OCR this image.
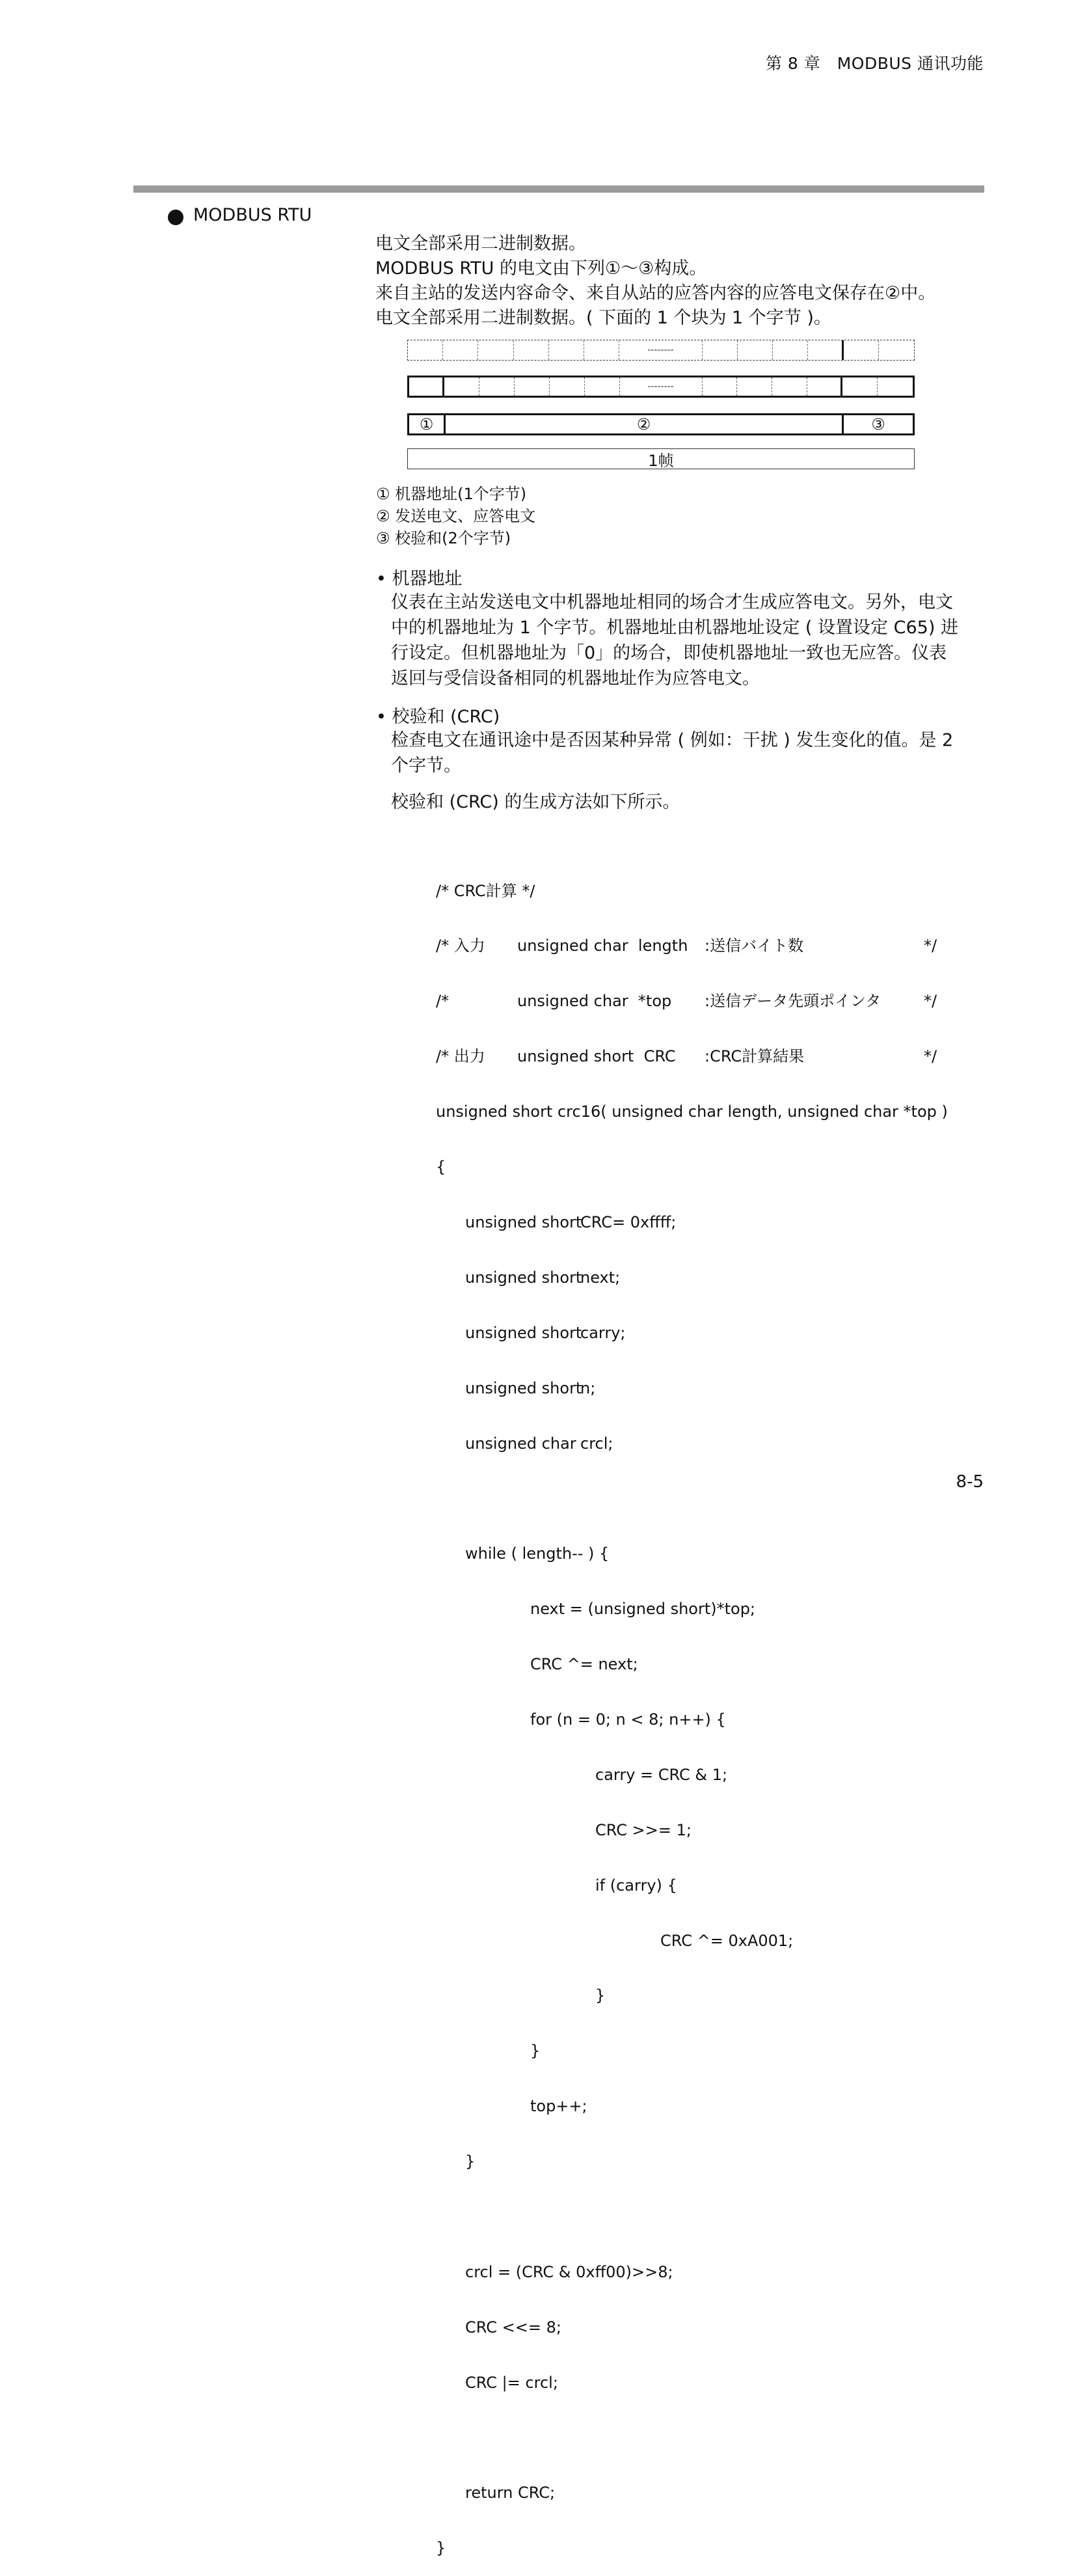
第 8 章　MODBUS 通讯功能
MODBUS RTU
电文全部采用二进制数据。
MODBUS RTU 的电文由下列①～③构成。
来自主站的发送内容命令、来自从站的应答内容的应答电文保存在②中。
电文全部采用二进制数据。( 下面的 1 个块为 1 个字节 )。
--------
--------
①	②	③
1帧
① 机器地址(1个字节)
② 发送电文、应答电文
③ 校验和(2个字节)
• 机器地址
仪表在主站发送电文中机器地址相同的场合才生成应答电文。另外，电文
中的机器地址为 1 个字节。机器地址由机器地址设定 ( 设置设定 C65) 进
行设定。但机器地址为「0」的场合，即使机器地址一致也无应答。仪表
返回与受信设备相同的机器地址作为应答电文。
• 校验和 (CRC)
检查电文在通讯途中是否因某种异常 ( 例如：干扰 ) 发生变化的值。是 2
个字节。
校验和 (CRC) 的生成方法如下所示。

/* CRC計算 */

/* 入力

unsigned char  length

:送信バイト数

	*/

/*

	unsigned char  *top

:送信データ先頭ポインタ

	*/

/* 出力

unsigned short  CRC

:CRC計算結果

	*/

unsigned short crc16( unsigned char length, unsigned char *top )

{

unsigned short

CRC= 0xffff;

unsigned short

next;

unsigned short

carry;

unsigned short

n;

unsigned char

crcl;

while ( length-- ) {

next = (unsigned short)*top;

CRC ^= next;

for (n = 0; n < 8; n++) {

carry = CRC & 1;

CRC >>= 1;

if (carry) {

CRC ^= 0xA001;

}

}

top++;

}

crcl = (CRC & 0xff00)>>8;

CRC <<= 8;

CRC |= crcl;

return CRC;

}

8-5
